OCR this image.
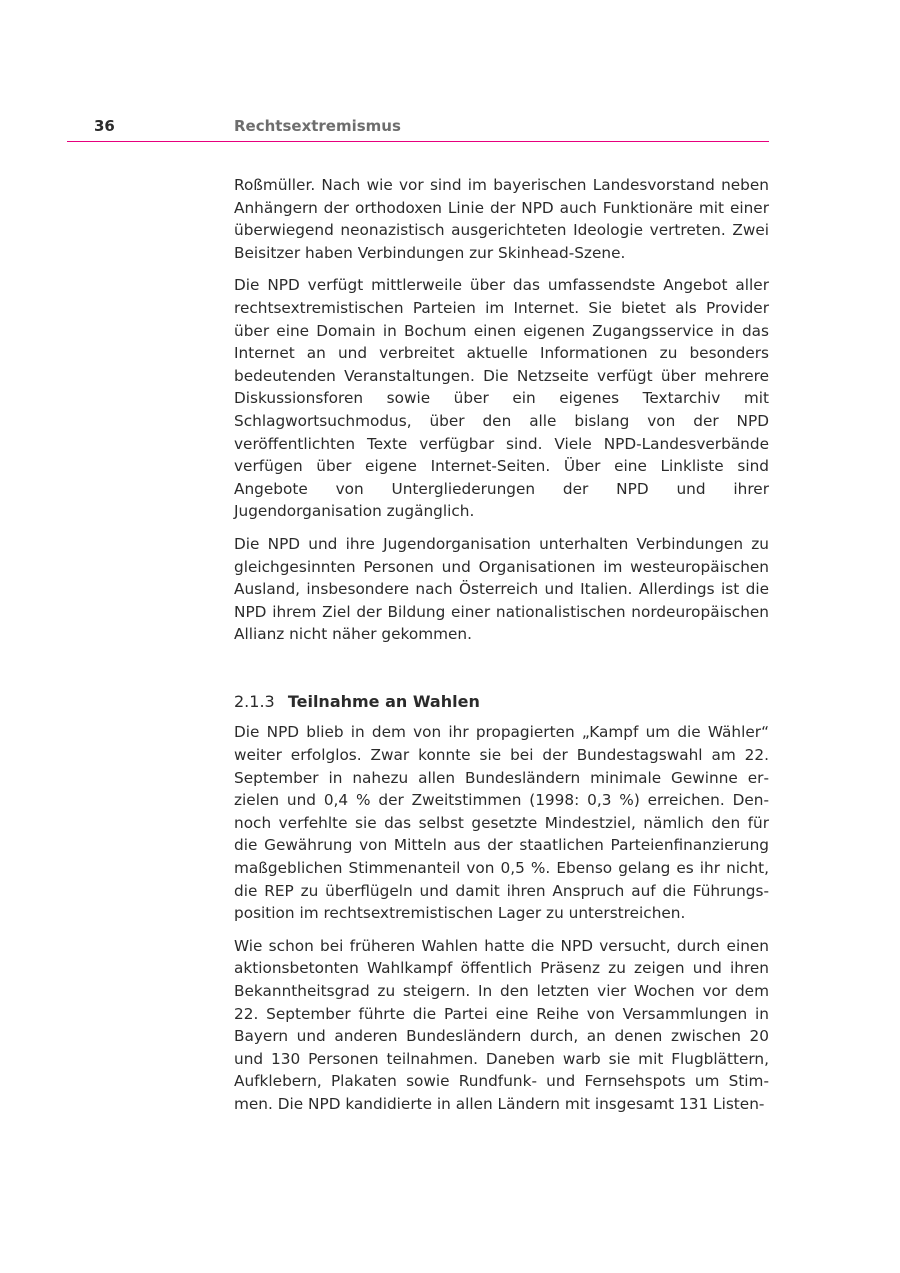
36	Rechtsextremismus

Roßmüller. Nach wie vor sind im bayerischen Landesvorstand neben Anhängern der orthodoxen Linie der NPD auch Funktionäre mit einer überwiegend neonazistisch ausgerichteten Ideologie vertreten. Zwei Beisitzer haben Verbindungen zur Skinhead-Szene.

Die NPD verfügt mittlerweile über das umfassendste Angebot aller rechtsextremistischen Parteien im Internet. Sie bietet als Provider über eine Domain in Bochum einen eigenen Zugangsservice in das Internet an und verbreitet aktuelle Informationen zu besonders bedeutenden Veranstaltungen. Die Netzseite verfügt über mehrere Diskussionsforen sowie über ein eigenes Textarchiv mit Schlagwortsuchmodus, über den alle bislang von der NPD veröffentlichten Texte verfügbar sind. Viele NPD-Landesverbände verfügen über eigene Internet-Seiten. Über eine Linkliste sind Angebote von Untergliederungen der NPD und ihrer Jugendorganisation zugänglich.

Die NPD und ihre Jugendorganisation unterhalten Verbindungen zu gleichgesinnten Personen und Organisationen im westeuropäischen Ausland, insbesondere nach Österreich und Italien. Allerdings ist die NPD ihrem Ziel der Bildung einer nationalistischen nordeuropäischen Allianz nicht näher gekommen.

2.1.3 Teilnahme an Wahlen

Die NPD blieb in dem von ihr propagierten „Kampf um die Wähler“ weiter erfolglos. Zwar konnte sie bei der Bundestagswahl am 22. September in nahezu allen Bundesländern minimale Gewinne erzielen und 0,4 % der Zweitstimmen (1998: 0,3 %) erreichen. Dennoch verfehlte sie das selbst gesetzte Mindestziel, nämlich den für die Gewährung von Mitteln aus der staatlichen Parteienfinanzierung maßgeblichen Stimmenanteil von 0,5 %. Ebenso gelang es ihr nicht, die REP zu überflügeln und damit ihren Anspruch auf die Führungsposition im rechtsextremistischen Lager zu unterstreichen.

Wie schon bei früheren Wahlen hatte die NPD versucht, durch einen aktionsbetonten Wahlkampf öffentlich Präsenz zu zeigen und ihren Bekanntheitsgrad zu steigern. In den letzten vier Wochen vor dem 22. September führte die Partei eine Reihe von Versammlungen in Bayern und anderen Bundesländern durch, an denen zwischen 20 und 130 Personen teilnahmen. Daneben warb sie mit Flugblättern, Aufklebern, Plakaten sowie Rundfunk- und Fernsehspots um Stimmen. Die NPD kandidierte in allen Ländern mit insgesamt 131 Listen-
